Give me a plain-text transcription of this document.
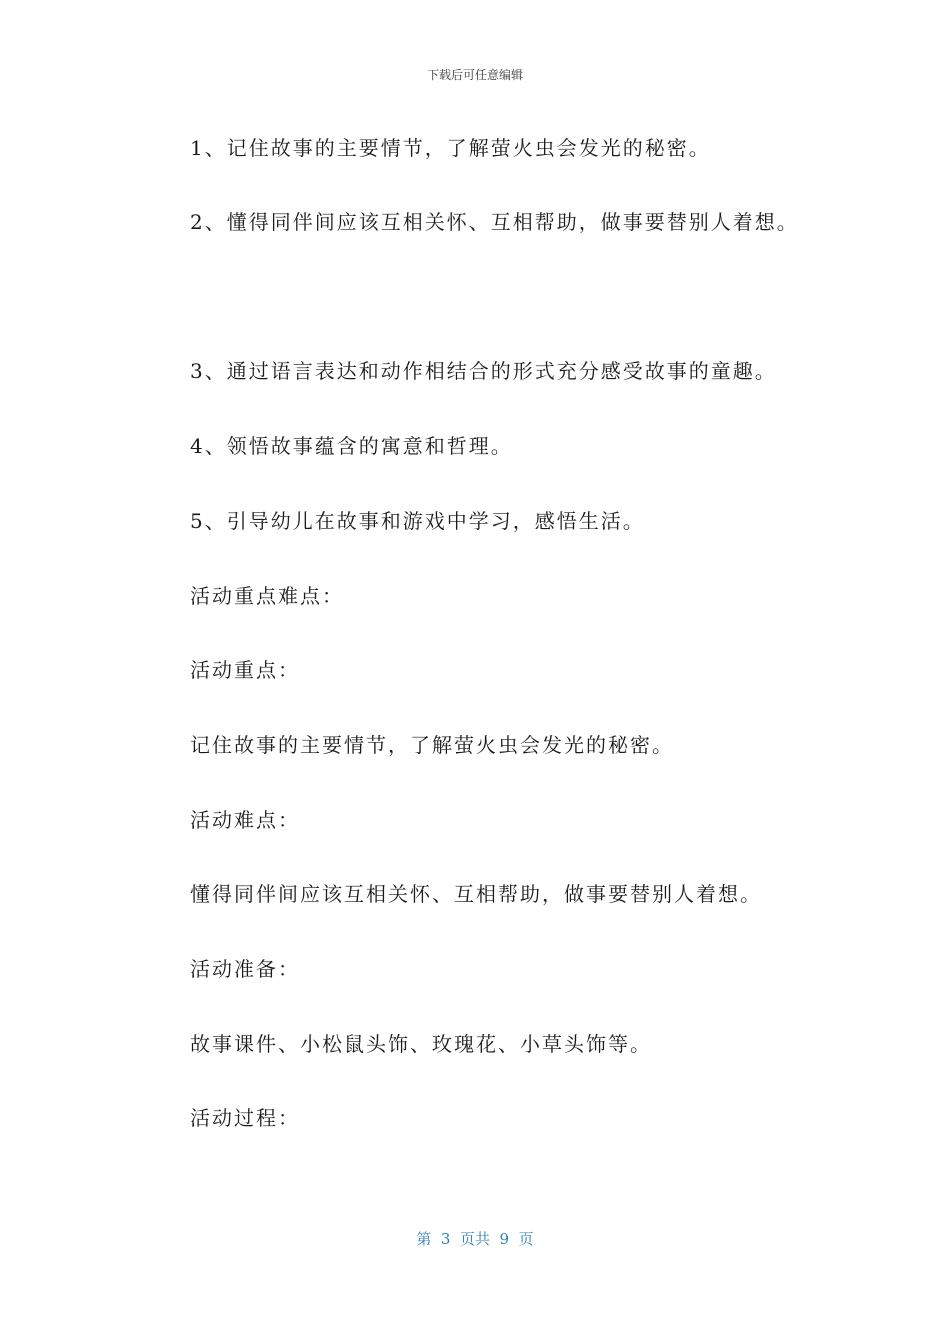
下载后可任意编辑

1、记住故事的主要情节，了解萤火虫会发光的秘密。

2、懂得同伴间应该互相关怀、互相帮助，做事要替别人着想。

3、通过语言表达和动作相结合的形式充分感受故事的童趣。

4、领悟故事蕴含的寓意和哲理。

5、引导幼儿在故事和游戏中学习，感悟生活。

活动重点难点：

活动重点：

记住故事的主要情节，了解萤火虫会发光的秘密。

活动难点：

懂得同伴间应该互相关怀、互相帮助，做事要替别人着想。

活动准备：

故事课件、小松鼠头饰、玫瑰花、小草头饰等。

活动过程：

第  3  页共  9  页
